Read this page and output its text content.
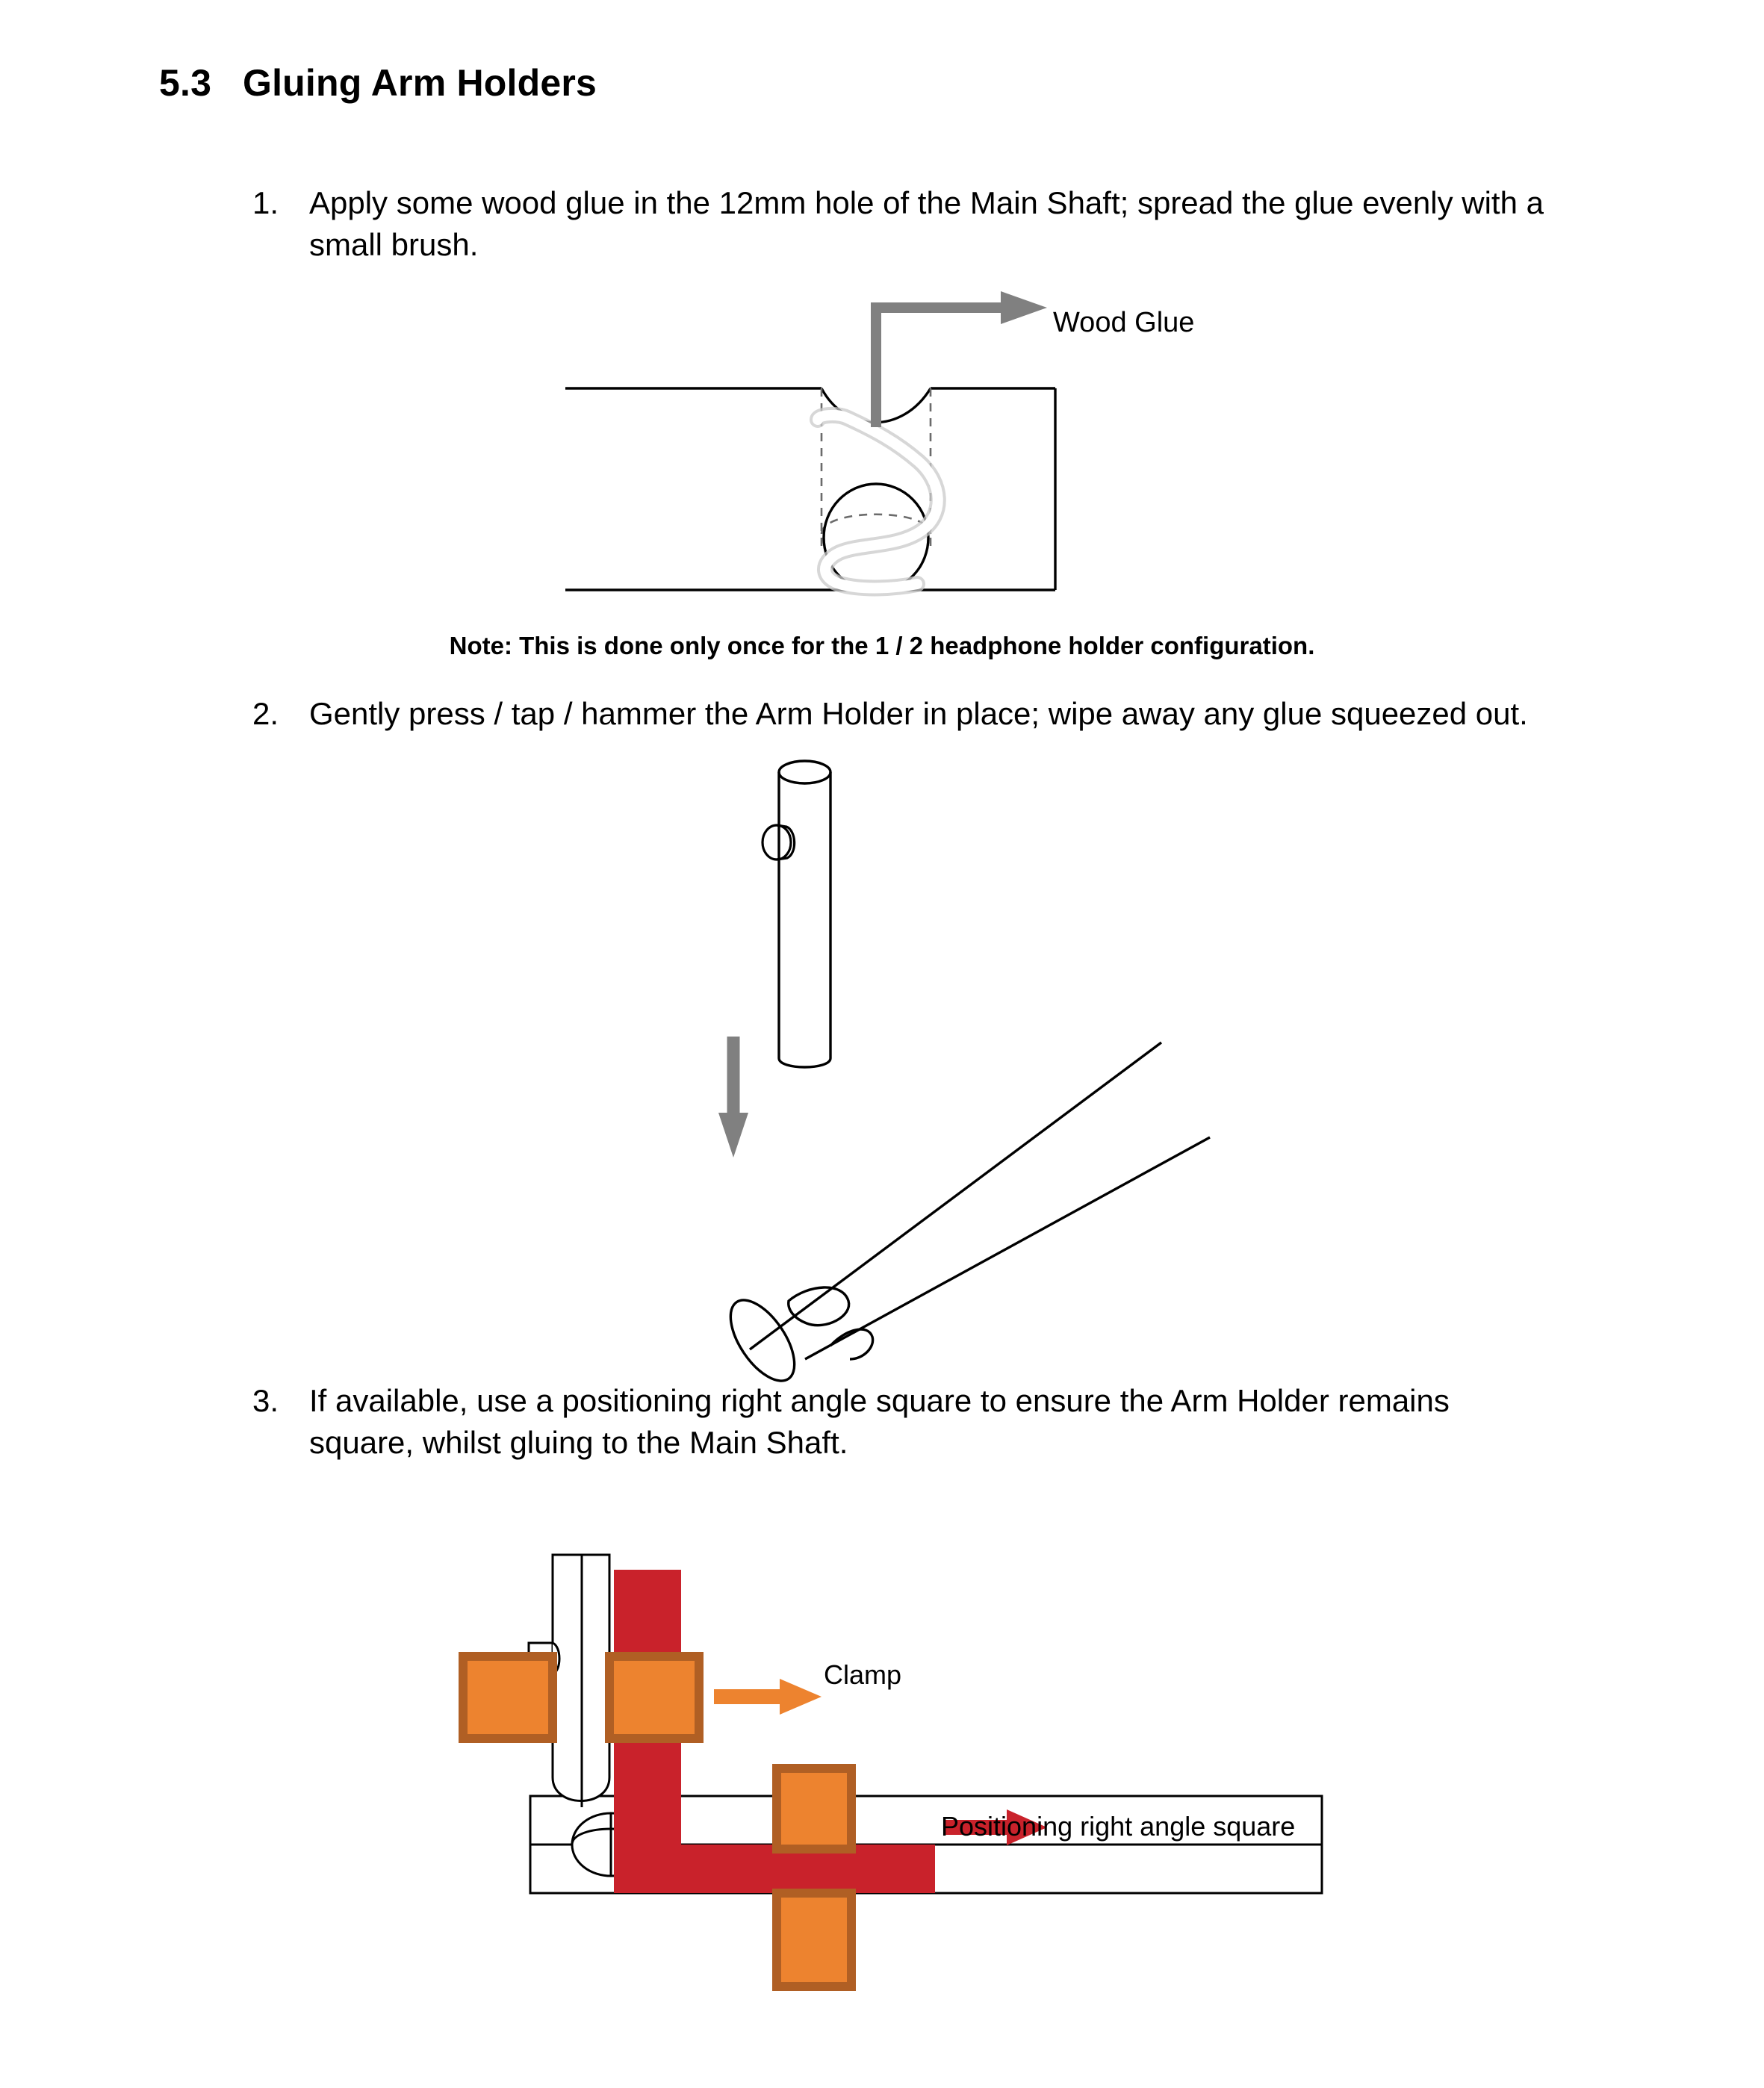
5.3 Gluing Arm Holders
1. Apply some wood glue in the 12mm hole of the Main Shaft; spread the glue evenly with a small brush.
Wood Glue
Note: This is done only once for the 1 / 2 headphone holder configuration.
2. Gently press / tap / hammer the Arm Holder in place; wipe away any glue squeezed out.
3. If available, use a positioning right angle square to ensure the Arm Holder remains square, whilst gluing to the Main Shaft.
Clamp
Positioning right angle square
